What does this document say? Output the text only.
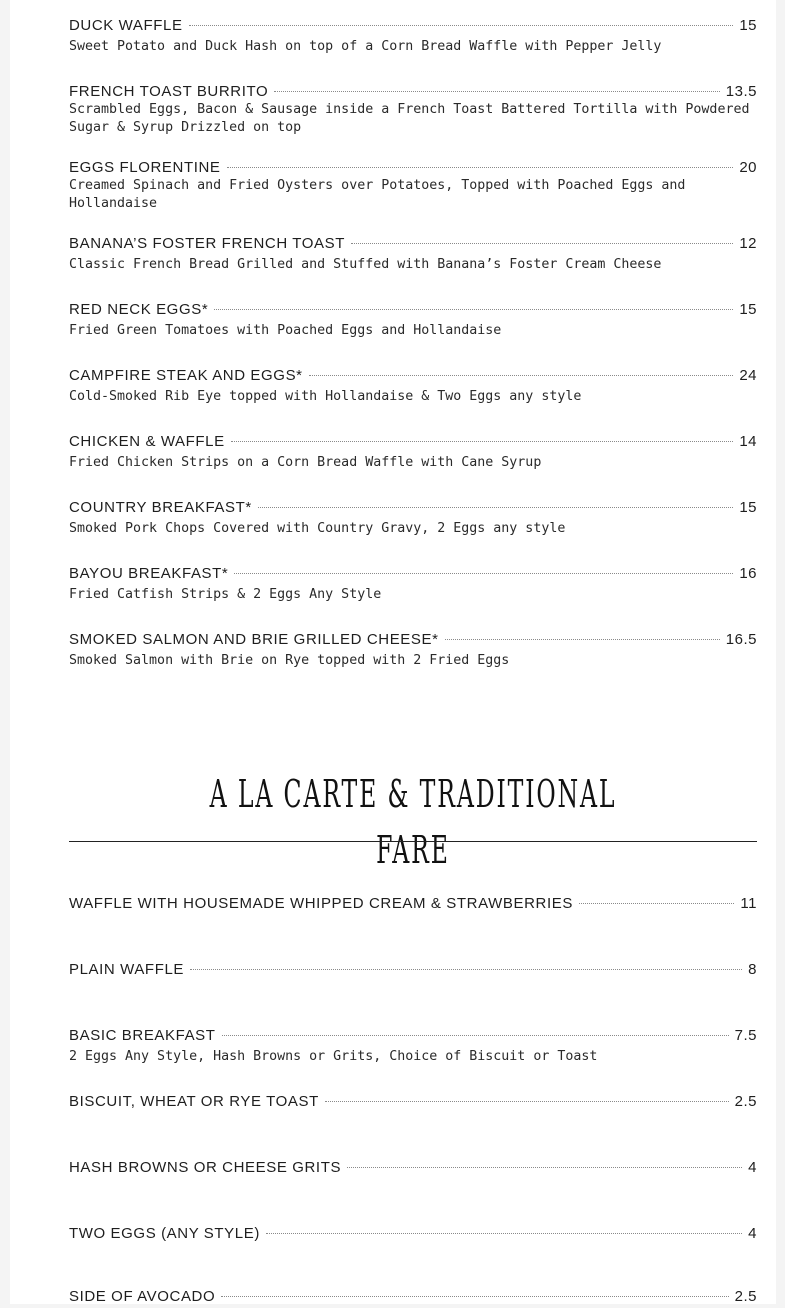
DUCK WAFFLE	15
Sweet Potato and Duck Hash on top of a Corn Bread Waffle with Pepper Jelly
FRENCH TOAST BURRITO	13.5
Scrambled Eggs, Bacon & Sausage inside a French Toast Battered Tortilla with Powdered Sugar & Syrup Drizzled on top
EGGS FLORENTINE	20
Creamed Spinach and Fried Oysters over Potatoes, Topped with Poached Eggs and Hollandaise
BANANA’S FOSTER FRENCH TOAST	12
Classic French Bread Grilled and Stuffed with Banana’s Foster Cream Cheese
RED NECK EGGS*	15
Fried Green Tomatoes with Poached Eggs and Hollandaise
CAMPFIRE STEAK AND EGGS*	24
Cold-Smoked Rib Eye topped with Hollandaise & Two Eggs any style
CHICKEN & WAFFLE	14
Fried Chicken Strips on a Corn Bread Waffle with Cane Syrup
COUNTRY BREAKFAST*	15
Smoked Pork Chops Covered with Country Gravy, 2 Eggs any style
BAYOU BREAKFAST*	16
Fried Catfish Strips & 2 Eggs Any Style
SMOKED SALMON AND BRIE GRILLED CHEESE*	16.5
Smoked Salmon with Brie on Rye topped with 2 Fried Eggs
A LA CARTE & TRADITIONAL FARE
WAFFLE WITH HOUSEMADE WHIPPED CREAM & STRAWBERRIES	11
PLAIN WAFFLE	8
BASIC BREAKFAST	7.5
2 Eggs Any Style, Hash Browns or Grits, Choice of Biscuit or Toast
BISCUIT, WHEAT OR RYE TOAST	2.5
HASH BROWNS OR CHEESE GRITS	4
TWO EGGS (ANY STYLE)	4
SIDE OF AVOCADO	2.5
